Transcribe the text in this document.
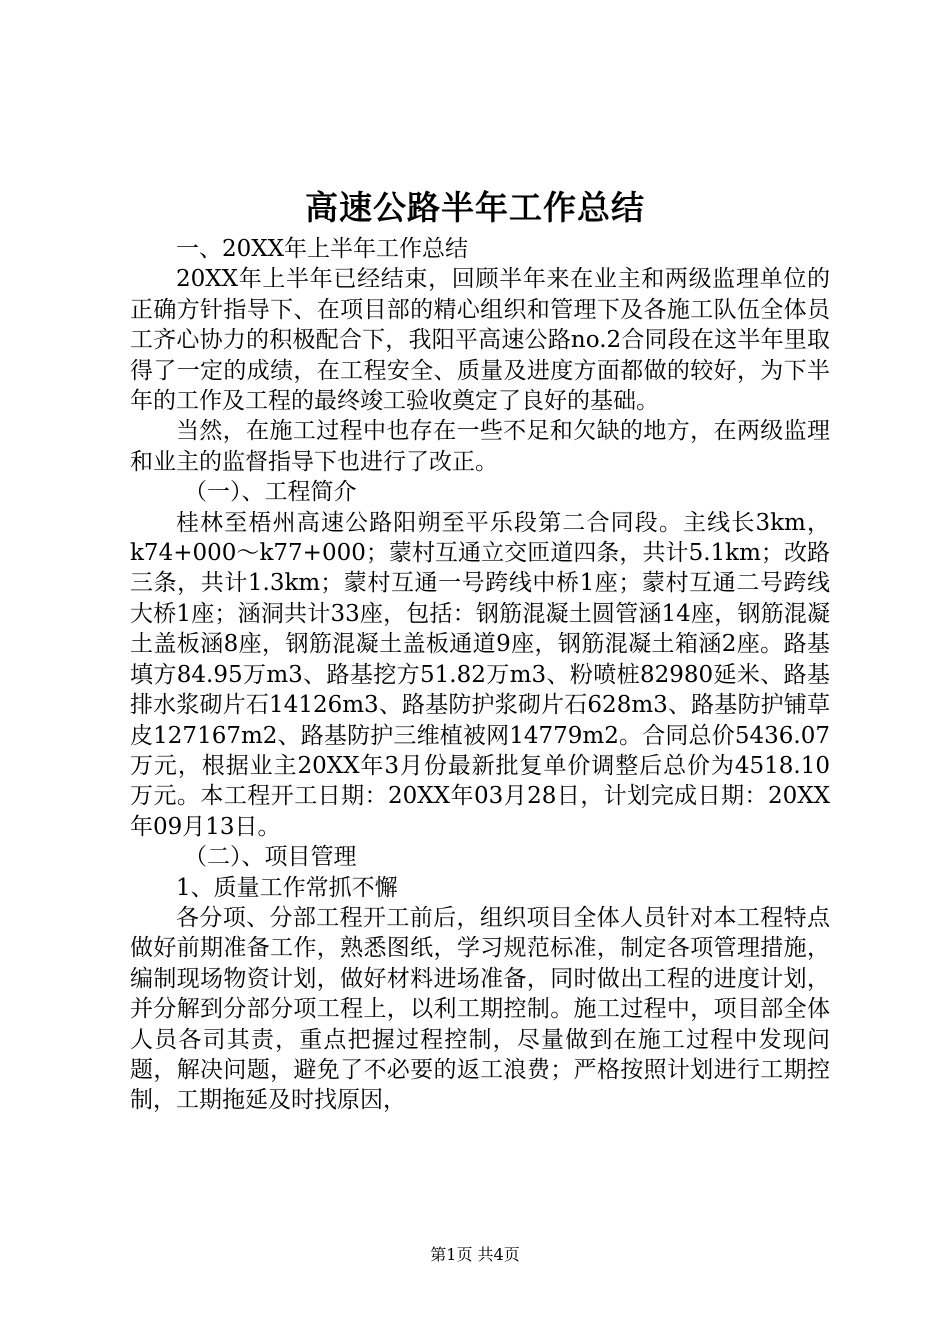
高速公路半年工作总结

一、20XX年上半年工作总结

20XX年上半年已经结束，回顾半年来在业主和两级监理单位的正确方针指导下、在项目部的精心组织和管理下及各施工队伍全体员工齐心协力的积极配合下，我阳平高速公路no.2合同段在这半年里取得了一定的成绩，在工程安全、质量及进度方面都做的较好，为下半年的工作及工程的最终竣工验收奠定了良好的基础。

当然，在施工过程中也存在一些不足和欠缺的地方，在两级监理和业主的监督指导下也进行了改正。

（一）、工程简介

桂林至梧州高速公路阳朔至平乐段第二合同段。主线长3km，k74+000～k77+000；蒙村互通立交匝道四条，共计5.1km；改路三条，共计1.3km；蒙村互通一号跨线中桥1座；蒙村互通二号跨线大桥1座；涵洞共计33座，包括：钢筋混凝土圆管涵14座，钢筋混凝土盖板涵8座，钢筋混凝土盖板通道9座，钢筋混凝土箱涵2座。路基填方84.95万m3、路基挖方51.82万m3、粉喷桩82980延米、路基排水浆砌片石14126m3、路基防护浆砌片石628m3、路基防护铺草皮127167m2、路基防护三维植被网14779m2。合同总价5436.07万元，根据业主20XX年3月份最新批复单价调整后总价为4518.10万元。本工程开工日期：20XX年03月28日，计划完成日期：20XX年09月13日。

（二）、项目管理

1、质量工作常抓不懈

各分项、分部工程开工前后，组织项目全体人员针对本工程特点做好前期准备工作，熟悉图纸，学习规范标准，制定各项管理措施，编制现场物资计划，做好材料进场准备，同时做出工程的进度计划，并分解到分部分项工程上，以利工期控制。施工过程中，项目部全体人员各司其责，重点把握过程控制，尽量做到在施工过程中发现问题，解决问题，避免了不必要的返工浪费；严格按照计划进行工期控制，工期拖延及时找原因，

第1页 共4页
